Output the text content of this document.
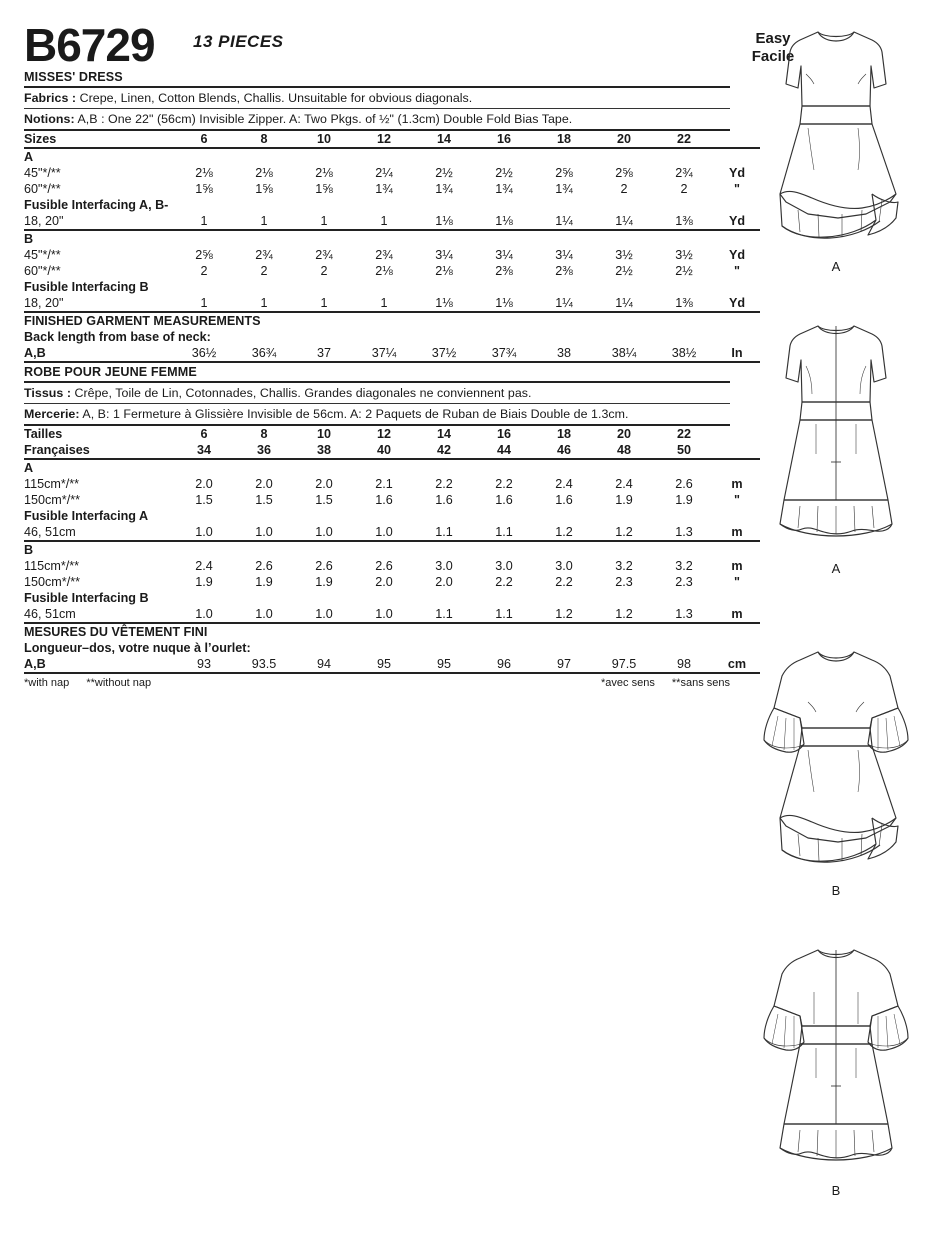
B6729 13 PIECES
MISSES' DRESS
Fabrics : Crepe, Linen, Cotton Blends, Challis. Unsuitable for obvious diagonals.
Notions: A,B : One 22" (56cm) Invisible Zipper. A: Two Pkgs. of ½" (1.3cm) Double Fold Bias Tape.
Sizes	6	8	10	12	14	16	18	20	22	
A										
45"*/**	2⅛	2⅛	2⅛	2¼	2½	2½	2⅝	2⅝	2¾	Yd
60"*/**	1⅝	1⅝	1⅝	1¾	1¾	1¾	1¾	2	2	"
Fusible Interfacing A, B-										
18, 20"	1	1	1	1	1⅛	1⅛	1¼	1¼	1⅜	Yd
B										
45"*/**	2⅝	2¾	2¾	2¾	3¼	3¼	3¼	3½	3½	Yd
60"*/**	2	2	2	2⅛	2⅛	2⅜	2⅜	2½	2½	"
Fusible Interfacing B										
18, 20"	1	1	1	1	1⅛	1⅛	1¼	1¼	1⅜	Yd
FINISHED GARMENT MEASUREMENTS										
Back length from base of neck:										
A,B	36½	36¾	37	37¼	37½	37¾	38	38¼	38½	In
ROBE POUR JEUNE FEMME
Tissus : Crêpe, Toile de Lin, Cotonnades, Challis. Grandes diagonales ne conviennent pas.
Mercerie: A, B: 1 Fermeture à Glissière Invisible de 56cm. A: 2 Paquets de Ruban de Biais Double de 1.3cm.
Tailles	6	8	10	12	14	16	18	20	22	
Françaises	34	36	38	40	42	44	46	48	50	
A										
115cm*/**	2.0	2.0	2.0	2.1	2.2	2.2	2.4	2.4	2.6	m
150cm*/**	1.5	1.5	1.5	1.6	1.6	1.6	1.6	1.9	1.9	"
Fusible Interfacing A										
46, 51cm	1.0	1.0	1.0	1.0	1.1	1.1	1.2	1.2	1.3	m
B										
115cm*/**	2.4	2.6	2.6	2.6	3.0	3.0	3.0	3.2	3.2	m
150cm*/**	1.9	1.9	1.9	2.0	2.0	2.2	2.2	2.3	2.3	"
Fusible Interfacing B										
46, 51cm	1.0	1.0	1.0	1.0	1.1	1.1	1.2	1.2	1.3	m
MESURES DU VÊTEMENT FINI										
Longueur–dos, votre nuque à l’ourlet:										
A,B	93	93.5	94	95	95	96	97	97.5	98	cm
*with nap **without nap	*avec sens **sans sens
Easy
Facile
A
A
B
B
